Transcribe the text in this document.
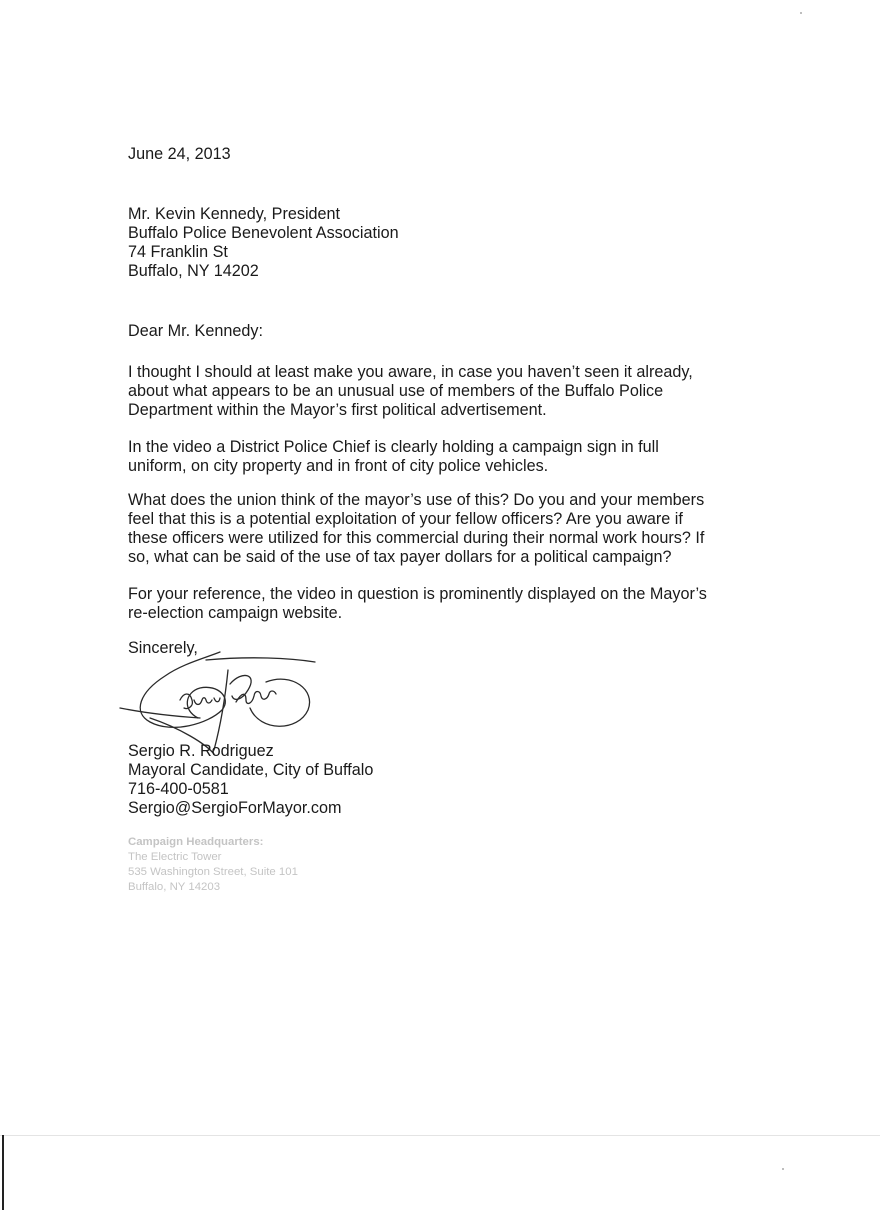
June 24, 2013
Mr. Kevin Kennedy, President
Buffalo Police Benevolent Association
74 Franklin St
Buffalo, NY 14202
Dear Mr. Kennedy:
I thought I should at least make you aware, in case you haven’t seen it already,
about what appears to be an unusual use of members of the Buffalo Police
Department within the Mayor’s first political advertisement.
In the video a District Police Chief is clearly holding a campaign sign in full
uniform, on city property and in front of city police vehicles.
What does the union think of the mayor’s use of this? Do you and your members
feel that this is a potential exploitation of your fellow officers? Are you aware if
these officers were utilized for this commercial during their normal work hours? If
so, what can be said of the use of tax payer dollars for a political campaign?
For your reference, the video in question is prominently displayed on the Mayor’s
re-election campaign website.
Sincerely,
Sergio R. Rodriguez
Mayoral Candidate, City of Buffalo
716-400-0581
Sergio@SergioForMayor.com
Campaign Headquarters:
The Electric Tower
535 Washington Street, Suite 101
Buffalo, NY 14203
